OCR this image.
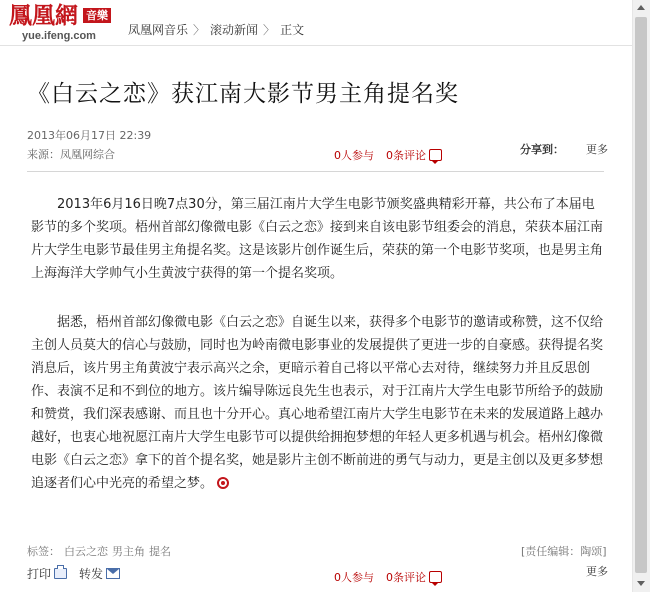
鳳凰網 音樂
yue.ifeng.com	凤凰网音乐 〉 滚动新闻 〉 正文
《白云之恋》获江南大影节男主角提名奖
2013年06月17日 22:39
来源：凤凰网综合	0人参与 0条评论	分享到： 更多

2013年6月16日晚7点30分，第三届江南片大学生电影节颁奖盛典精彩开幕，共公布了本届电影节的多个奖项。梧州首部幻像微电影《白云之恋》接到来自该电影节组委会的消息，荣获本届江南片大学生电影节最佳男主角提名奖。这是该影片创作诞生后，荣获的第一个电影节奖项，也是男主角上海海洋大学帅气小生黄波宁获得的第一个提名奖项。

据悉，梧州首部幻像微电影《白云之恋》自诞生以来，获得多个电影节的邀请或称赞，这不仅给主创人员莫大的信心与鼓励，同时也为岭南微电影事业的发展提供了更进一步的自豪感。获得提名奖消息后，该片男主角黄波宁表示高兴之余，更暗示着自己将以平常心去对待，继续努力并且反思创作、表演不足和不到位的地方。该片编导陈远良先生也表示，对于江南片大学生电影节所给予的鼓励和赞赏，我们深表感谢、而且也十分开心。真心地希望江南片大学生电影节在未来的发展道路上越办越好，也衷心地祝愿江南片大学生电影节可以提供给拥抱梦想的年轻人更多机遇与机会。梧州幻像微电影《白云之恋》拿下的首个提名奖，她是影片主创不断前进的勇气与动力，更是主创以及更多梦想追逐者们心中光亮的希望之梦。

标签： 白云之恋 男主角 提名	[责任编辑：陶颂]
打印 转发	0人参与 0条评论	更多
